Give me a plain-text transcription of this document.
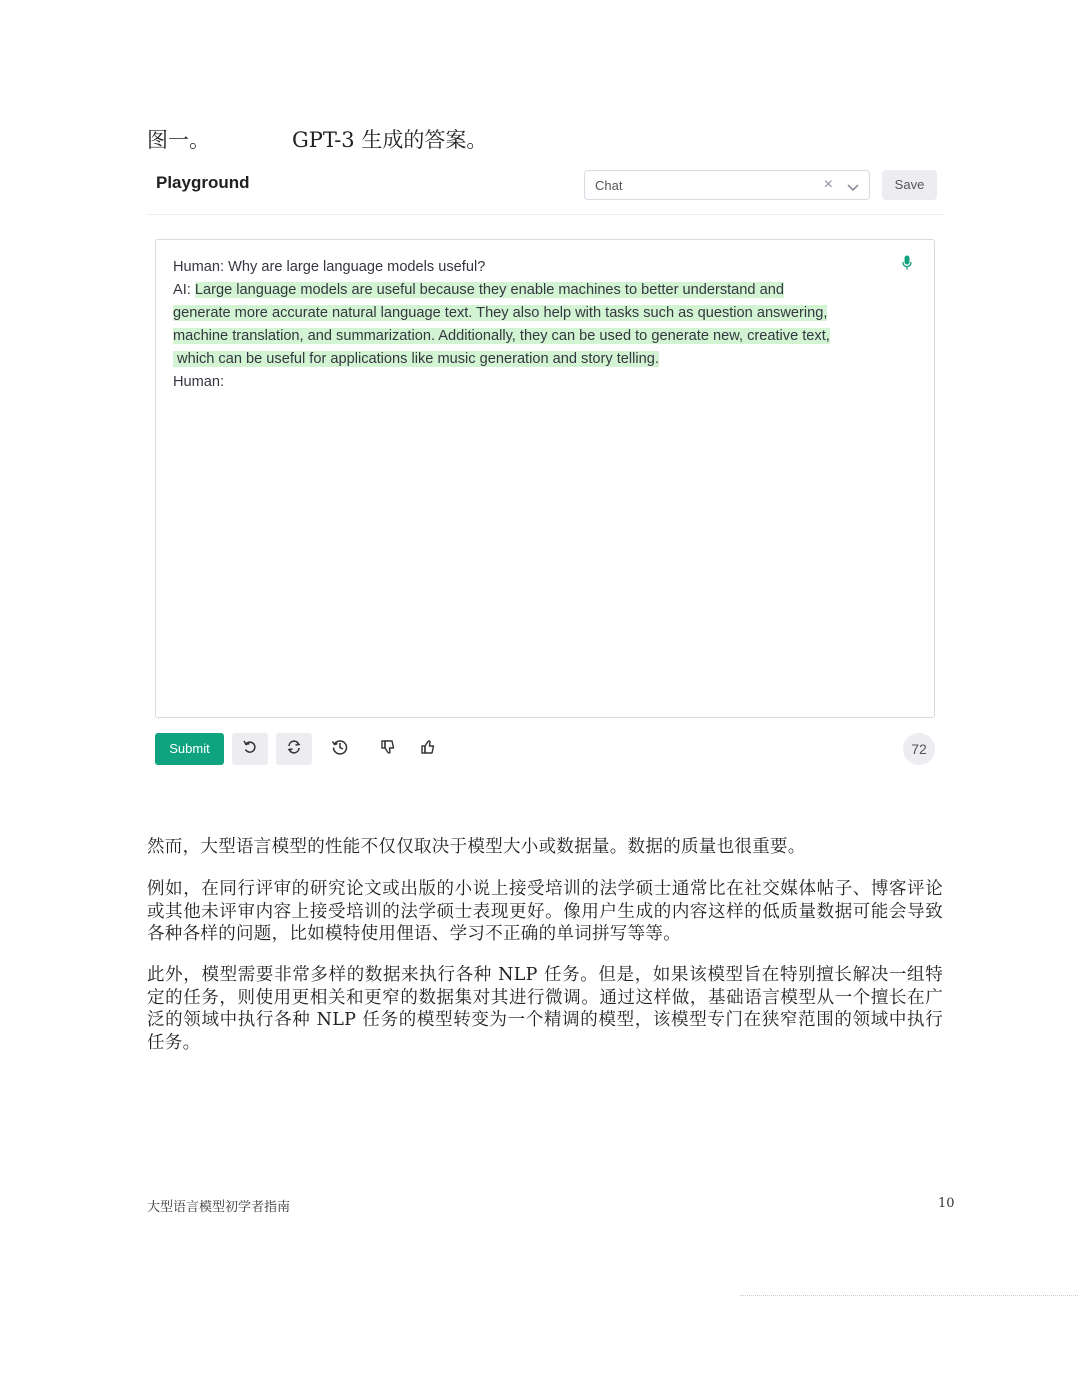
图一。	GPT-3 生成的答案。
Playground	Chat	×	Save
Human: Why are large language models useful?
AI: Large language models are useful because they enable machines to better understand and
generate more accurate natural language text. They also help with tasks such as question answering,
machine translation, and summarization. Additionally, they can be used to generate new, creative text,
which can be useful for applications like music generation and story telling.
Human:
Submit	72
然而，大型语言模型的性能不仅仅取决于模型大小或数据量。数据的质量也很重要。
例如，在同行评审的研究论文或出版的小说上接受培训的法学硕士通常比在社交媒体帖子、博客评论或其他未评审内容上接受培训的法学硕士表现更好。像用户生成的内容这样的低质量数据可能会导致各种各样的问题，比如模特使用俚语、学习不正确的单词拼写等等。
此外，模型需要非常多样的数据来执行各种 NLP 任务。但是，如果该模型旨在特别擅长解决一组特定的任务，则使用更相关和更窄的数据集对其进行微调。通过这样做，基础语言模型从一个擅长在广泛的领域中执行各种 NLP 任务的模型转变为一个精调的模型，该模型专门在狭窄范围的领域中执行任务。
大型语言模型初学者指南	10
